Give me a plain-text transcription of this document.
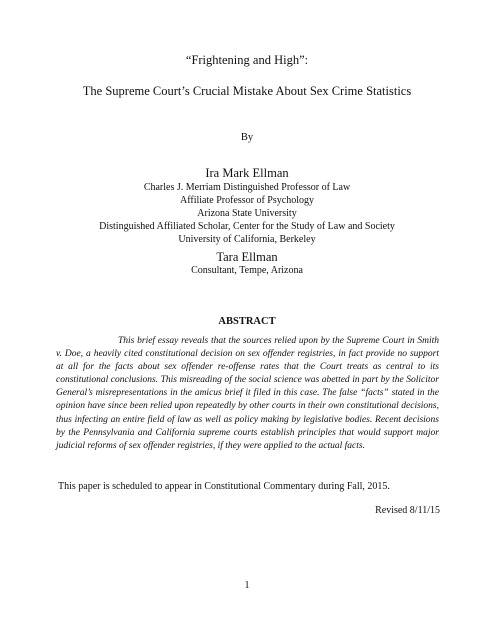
“Frightening and High”:
The Supreme Court’s Crucial Mistake About Sex Crime Statistics
By
Ira Mark Ellman
Charles J. Merriam Distinguished Professor of Law
Affiliate Professor of Psychology
Arizona State University
Distinguished Affiliated Scholar, Center for the Study of Law and Society
University of California, Berkeley
Tara Ellman
Consultant, Tempe, Arizona
ABSTRACT

This brief essay reveals that the sources relied upon by the Supreme Court in Smith v. Doe, a heavily cited constitutional decision on sex offender registries, in fact provide no support at all for the facts about sex offender re-offense rates that the Court treats as central to its constitutional conclusions. This misreading of the social science was abetted in part by the Solicitor General’s misrepresentations in the amicus brief it filed in this case. The false “facts” stated in the opinion have since been relied upon repeatedly by other courts in their own constitutional decisions, thus infecting an entire field of law as well as policy making by legislative bodies. Recent decisions by the Pennsylvania and California supreme courts establish principles that would support major judicial reforms of sex offender registries, if they were applied to the actual facts.

This paper is scheduled to appear in Constitutional Commentary during Fall, 2015.
Revised 8/11/15
1
